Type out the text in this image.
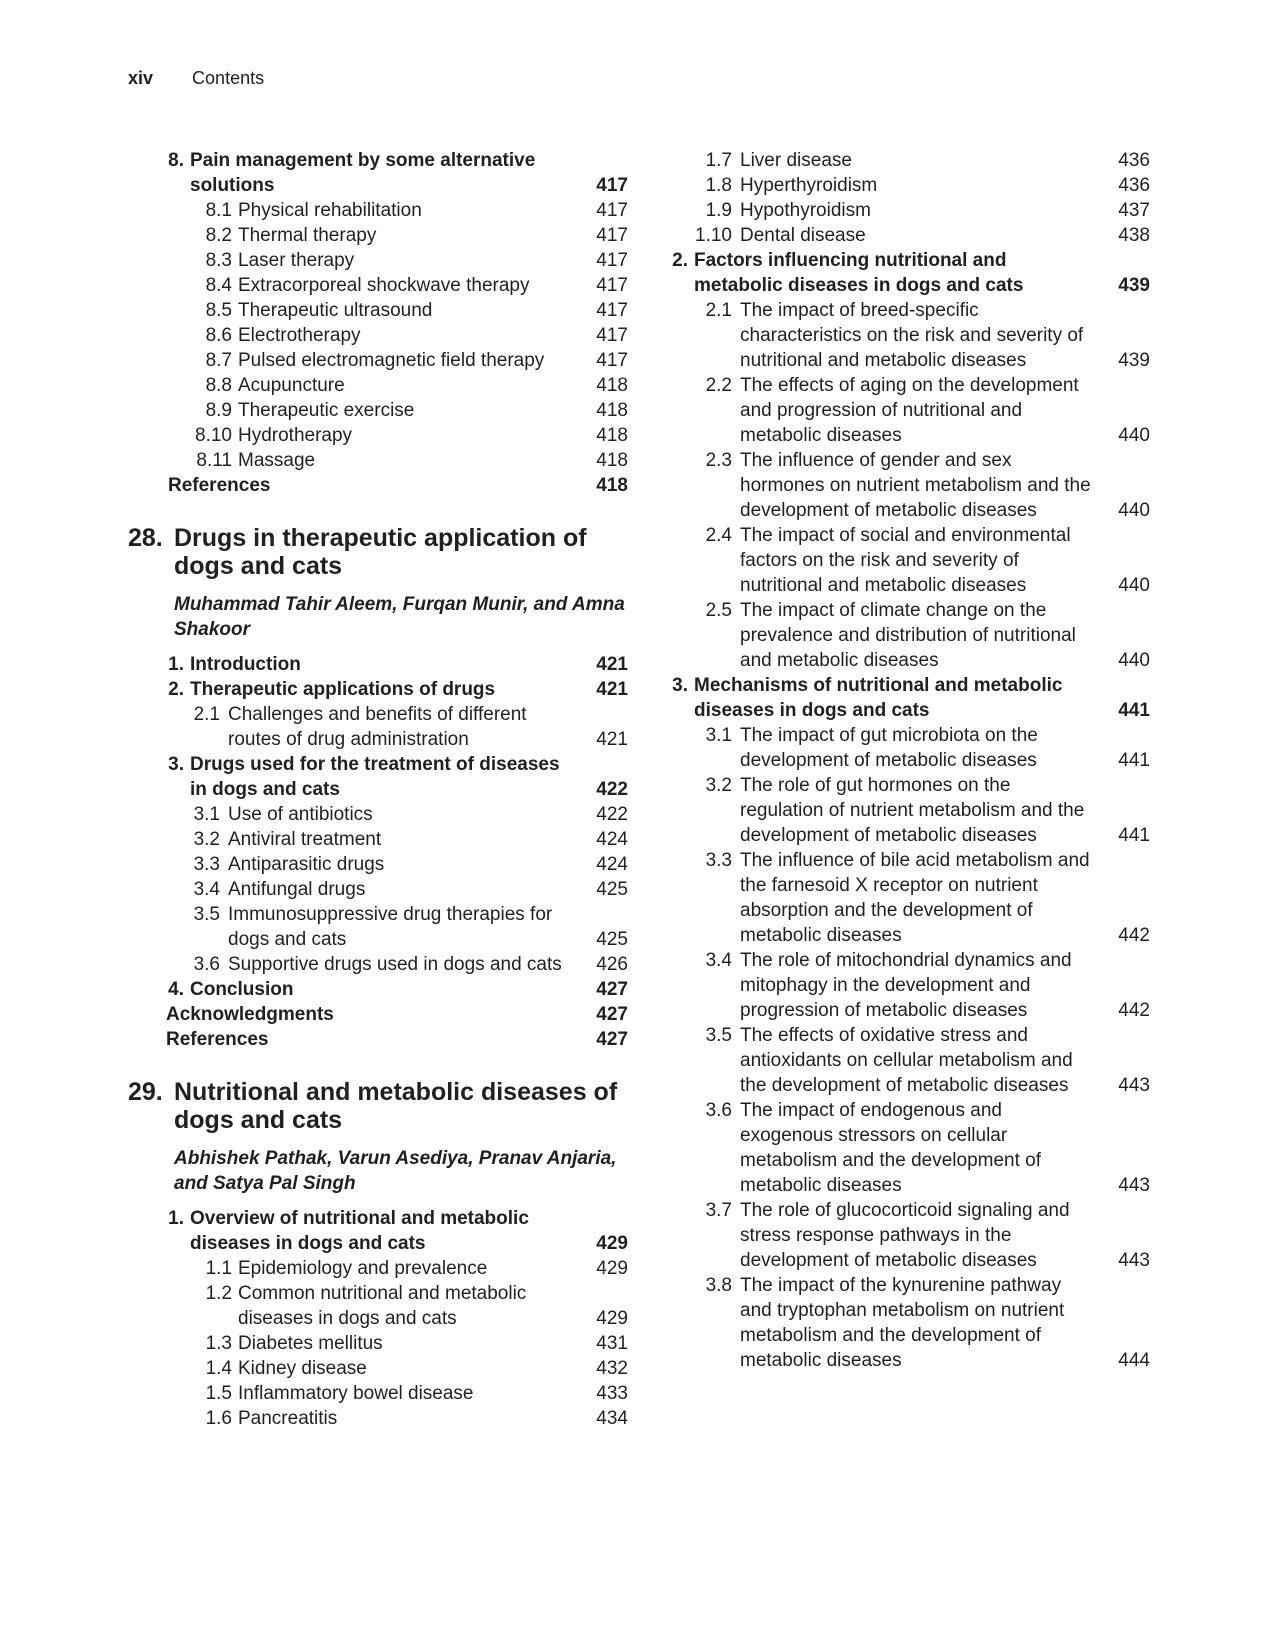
xiv Contents
8. Pain management by some alternative solutions	417
8.1 Physical rehabilitation	417
8.2 Thermal therapy	417
8.3 Laser therapy	417
8.4 Extracorporeal shockwave therapy	417
8.5 Therapeutic ultrasound	417
8.6 Electrotherapy	417
8.7 Pulsed electromagnetic field therapy	417
8.8 Acupuncture	418
8.9 Therapeutic exercise	418
8.10 Hydrotherapy	418
8.11 Massage	418
References	418
28. Drugs in therapeutic application of dogs and cats
Muhammad Tahir Aleem, Furqan Munir, and Amna Shakoor
1. Introduction	421
2. Therapeutic applications of drugs	421
2.1 Challenges and benefits of different routes of drug administration	421
3. Drugs used for the treatment of diseases in dogs and cats	422
3.1 Use of antibiotics	422
3.2 Antiviral treatment	424
3.3 Antiparasitic drugs	424
3.4 Antifungal drugs	425
3.5 Immunosuppressive drug therapies for dogs and cats	425
3.6 Supportive drugs used in dogs and cats	426
4. Conclusion	427
Acknowledgments	427
References	427
29. Nutritional and metabolic diseases of dogs and cats
Abhishek Pathak, Varun Asediya, Pranav Anjaria, and Satya Pal Singh
1. Overview of nutritional and metabolic diseases in dogs and cats	429
1.1 Epidemiology and prevalence	429
1.2 Common nutritional and metabolic diseases in dogs and cats	429
1.3 Diabetes mellitus	431
1.4 Kidney disease	432
1.5 Inflammatory bowel disease	433
1.6 Pancreatitis	434
1.7 Liver disease	436
1.8 Hyperthyroidism	436
1.9 Hypothyroidism	437
1.10 Dental disease	438
2. Factors influencing nutritional and metabolic diseases in dogs and cats	439
2.1 The impact of breed-specific characteristics on the risk and severity of nutritional and metabolic diseases	439
2.2 The effects of aging on the development and progression of nutritional and metabolic diseases	440
2.3 The influence of gender and sex hormones on nutrient metabolism and the development of metabolic diseases	440
2.4 The impact of social and environmental factors on the risk and severity of nutritional and metabolic diseases	440
2.5 The impact of climate change on the prevalence and distribution of nutritional and metabolic diseases	440
3. Mechanisms of nutritional and metabolic diseases in dogs and cats	441
3.1 The impact of gut microbiota on the development of metabolic diseases	441
3.2 The role of gut hormones on the regulation of nutrient metabolism and the development of metabolic diseases	441
3.3 The influence of bile acid metabolism and the farnesoid X receptor on nutrient absorption and the development of metabolic diseases	442
3.4 The role of mitochondrial dynamics and mitophagy in the development and progression of metabolic diseases	442
3.5 The effects of oxidative stress and antioxidants on cellular metabolism and the development of metabolic diseases	443
3.6 The impact of endogenous and exogenous stressors on cellular metabolism and the development of metabolic diseases	443
3.7 The role of glucocorticoid signaling and stress response pathways in the development of metabolic diseases	443
3.8 The impact of the kynurenine pathway and tryptophan metabolism on nutrient metabolism and the development of metabolic diseases	444
